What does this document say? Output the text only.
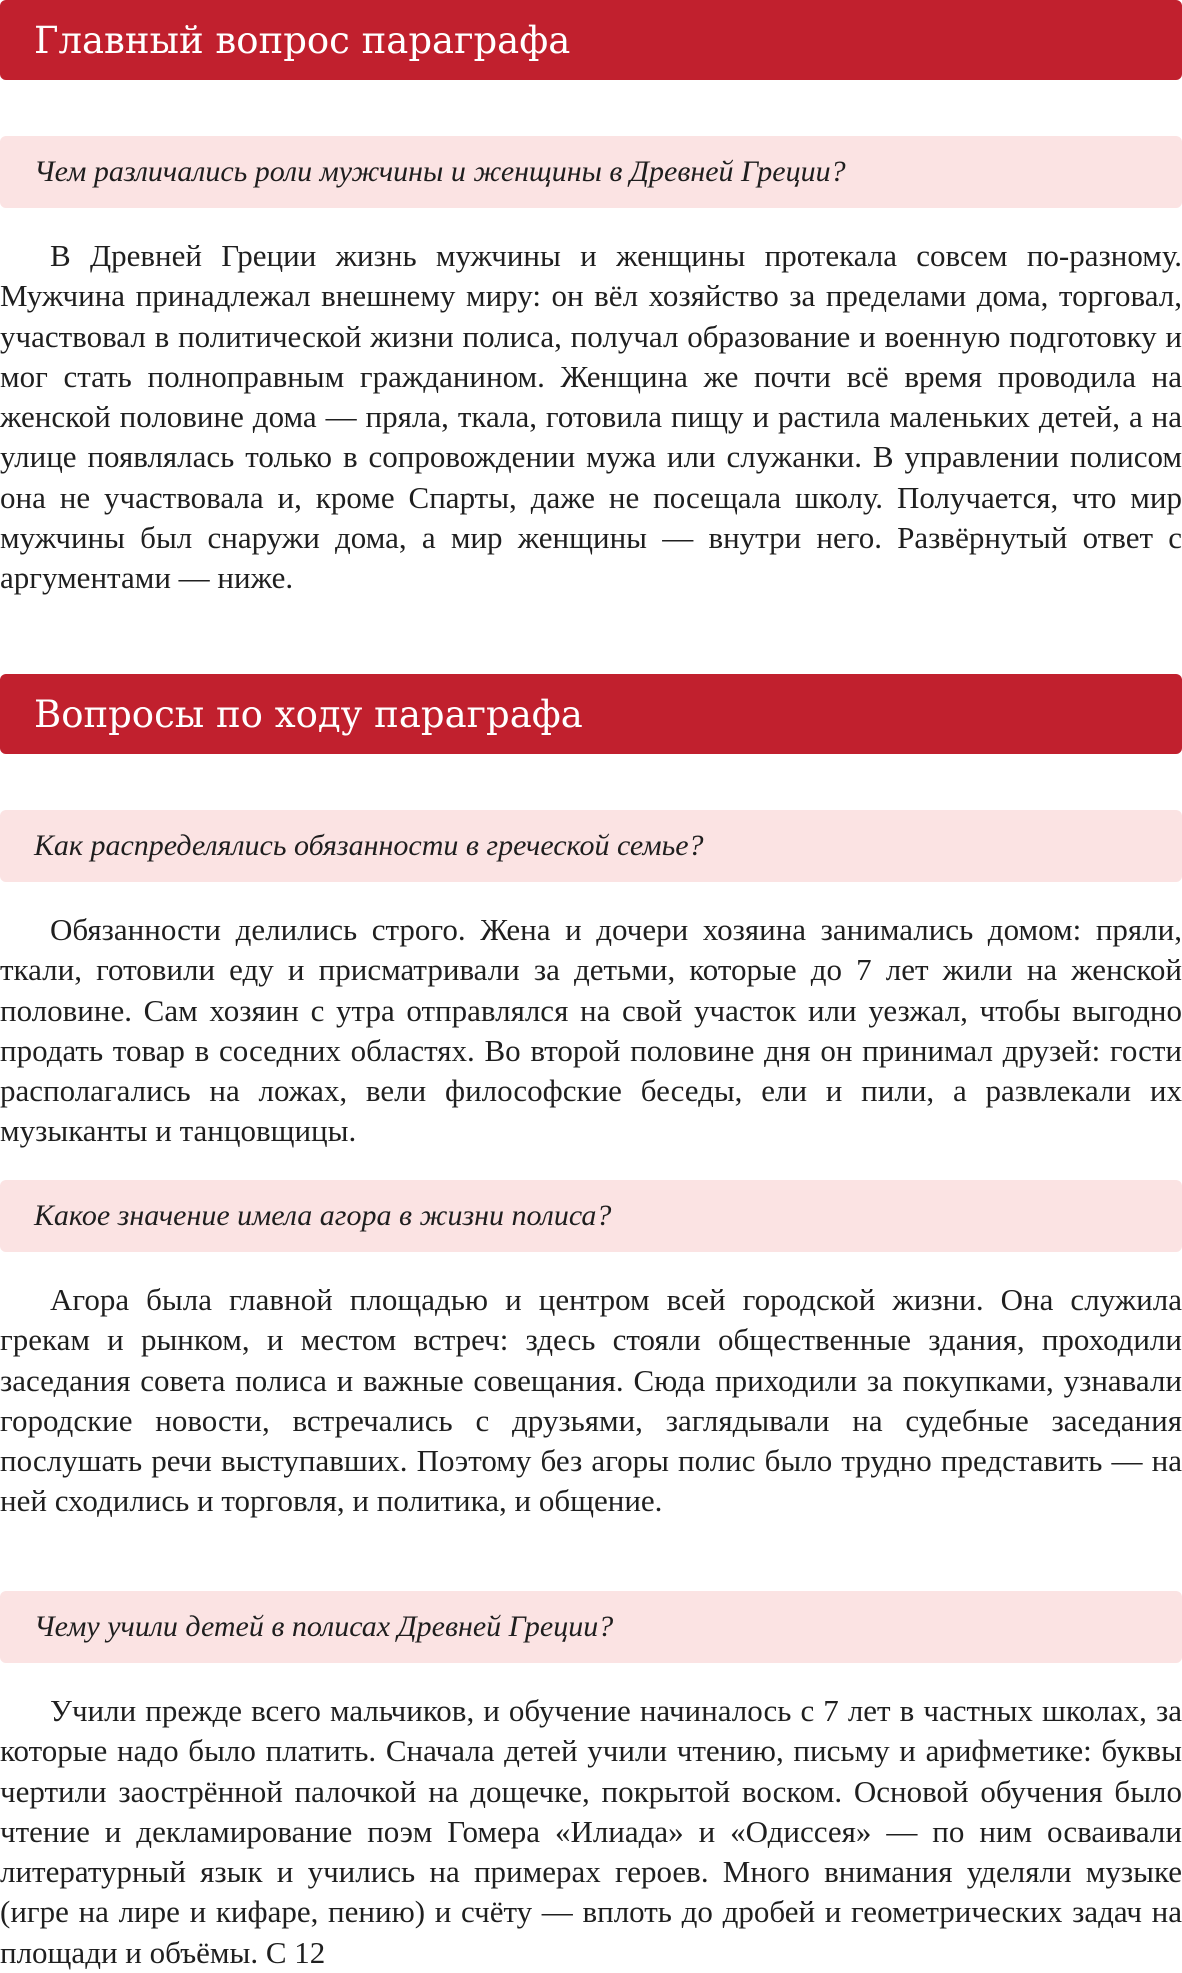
Главный вопрос параграфа
Чем различались роли мужчины и женщины в Древней Греции?

В Древней Греции жизнь мужчины и женщины протекала совсем по-разному. Мужчина принадлежал внешнему миру: он вёл хозяйство за пределами дома, торговал, участвовал в политической жизни полиса, получал образование и военную подготовку и мог стать полноправным гражданином. Женщина же почти всё время проводила на женской половине дома — пряла, ткала, готовила пищу и растила маленьких детей, а на улице появлялась только в сопровождении мужа или служанки. В управлении полисом она не участвовала и, кроме Спарты, даже не посещала школу. Получается, что мир мужчины был снаружи дома, а мир женщины — внутри него. Развёрнутый ответ с аргументами — ниже.

Вопросы по ходу параграфа
Как распределялись обязанности в греческой семье?

Обязанности делились строго. Жена и дочери хозяина занимались домом: пряли, ткали, готовили еду и присматривали за детьми, которые до 7 лет жили на женской половине. Сам хозяин с утра отправлялся на свой участок или уезжал, чтобы выгодно продать товар в соседних областях. Во второй половине дня он принимал друзей: гости располагались на ложах, вели философские беседы, ели и пили, а развлекали их музыканты и танцовщицы.

Какое значение имела агора в жизни полиса?

Агора была главной площадью и центром всей городской жизни. Она служила грекам и рынком, и местом встреч: здесь стояли общественные здания, проходили заседания совета полиса и важные совещания. Сюда приходили за покупками, узнавали городские новости, встречались с друзьями, заглядывали на судебные заседания послушать речи выступавших. Поэтому без агоры полис было трудно представить — на ней сходились и торговля, и политика, и общение.

Чему учили детей в полисах Древней Греции?

Учили прежде всего мальчиков, и обучение начиналось с 7 лет в частных школах, за которые надо было платить. Сначала детей учили чтению, письму и арифметике: буквы чертили заострённой палочкой на дощечке, покрытой воском. Основой обучения было чтение и декламирование поэм Гомера «Илиада» и «Одиссея» — по ним осваивали литературный язык и учились на примерах героев. Много внимания уделяли музыке (игре на лире и кифаре, пению) и счёту — вплоть до дробей и геометрических задач на площади и объёмы. С 12
